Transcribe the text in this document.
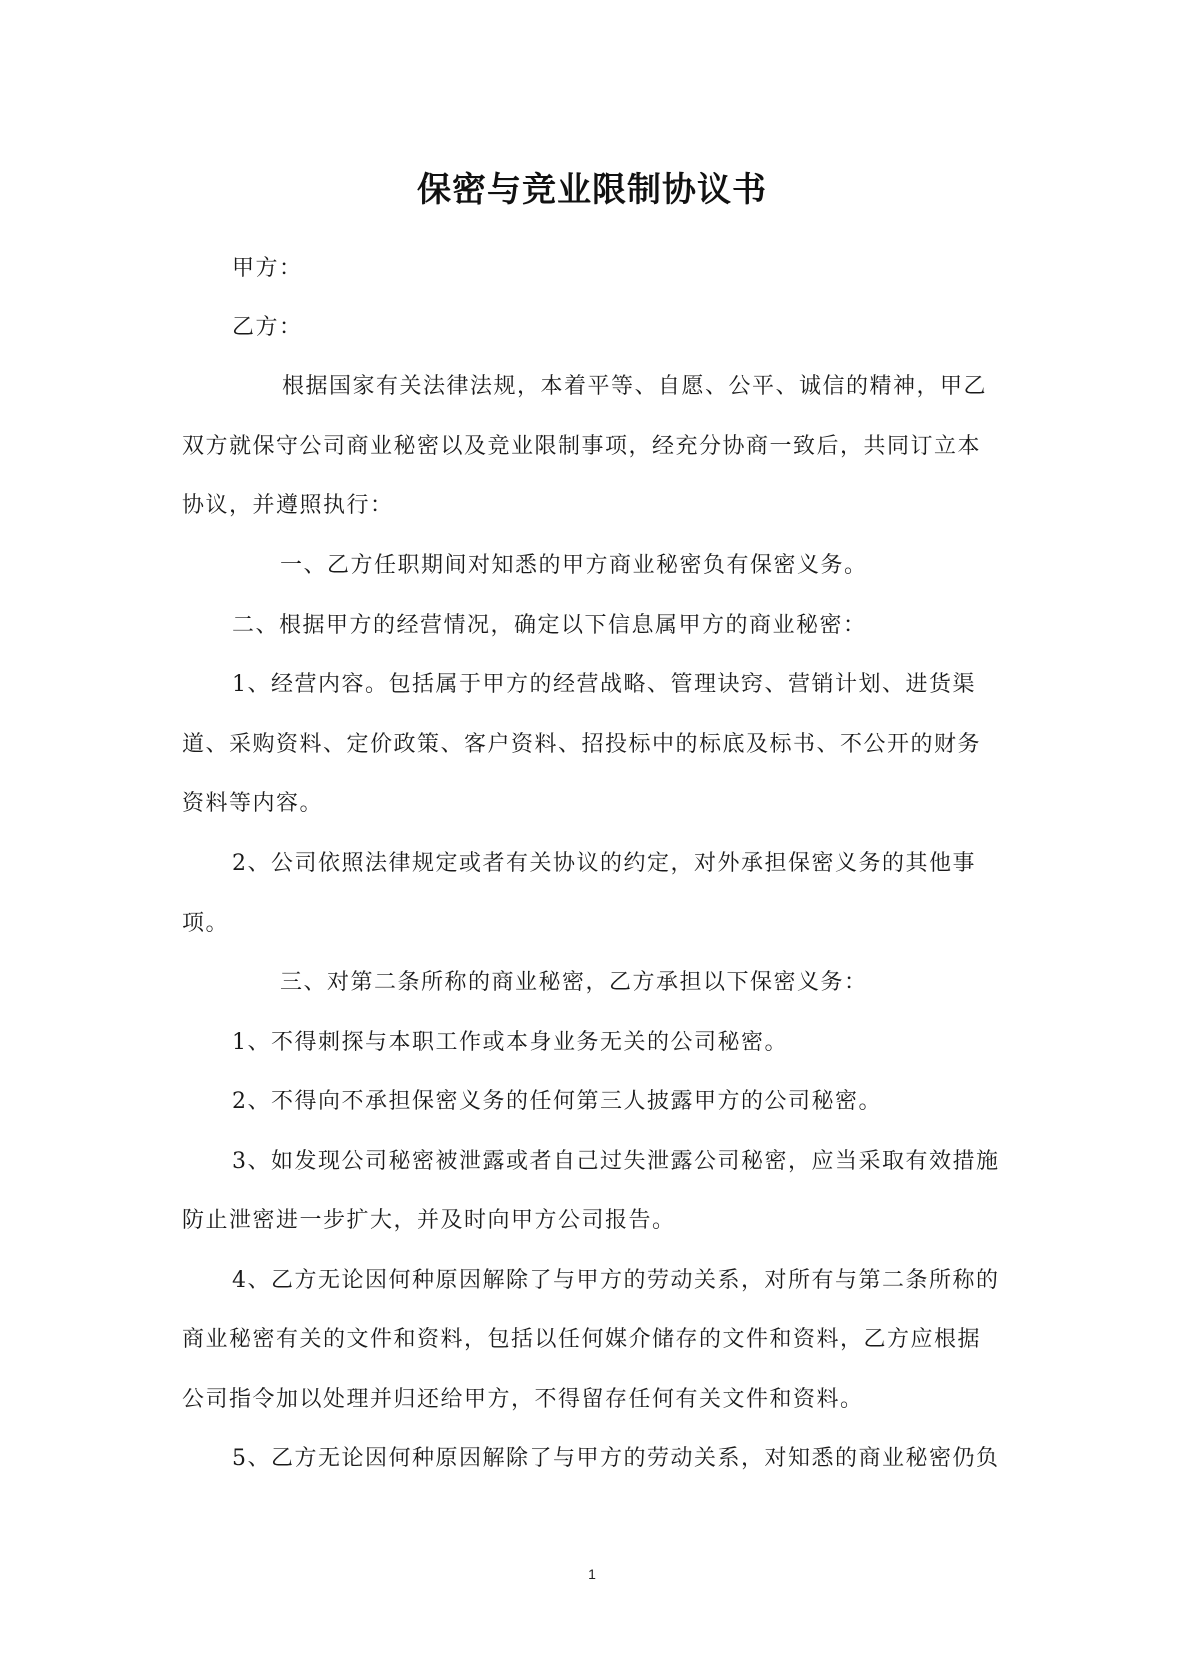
保密与竞业限制协议书
甲方：
乙方：
根据国家有关法律法规，本着平等、自愿、公平、诚信的精神，甲乙
双方就保守公司商业秘密以及竞业限制事项，经充分协商一致后，共同订立本
协议，并遵照执行：
一、乙方任职期间对知悉的甲方商业秘密负有保密义务。
二、根据甲方的经营情况，确定以下信息属甲方的商业秘密：
1、经营内容。包括属于甲方的经营战略、管理诀窍、营销计划、进货渠
道、采购资料、定价政策、客户资料、招投标中的标底及标书、不公开的财务
资料等内容。
2、公司依照法律规定或者有关协议的约定，对外承担保密义务的其他事
项。
三、对第二条所称的商业秘密，乙方承担以下保密义务：
1、不得刺探与本职工作或本身业务无关的公司秘密。
2、不得向不承担保密义务的任何第三人披露甲方的公司秘密。
3、如发现公司秘密被泄露或者自己过失泄露公司秘密，应当采取有效措施
防止泄密进一步扩大，并及时向甲方公司报告。
4、乙方无论因何种原因解除了与甲方的劳动关系，对所有与第二条所称的
商业秘密有关的文件和资料，包括以任何媒介储存的文件和资料，乙方应根据
公司指令加以处理并归还给甲方，不得留存任何有关文件和资料。
5、乙方无论因何种原因解除了与甲方的劳动关系，对知悉的商业秘密仍负
1
